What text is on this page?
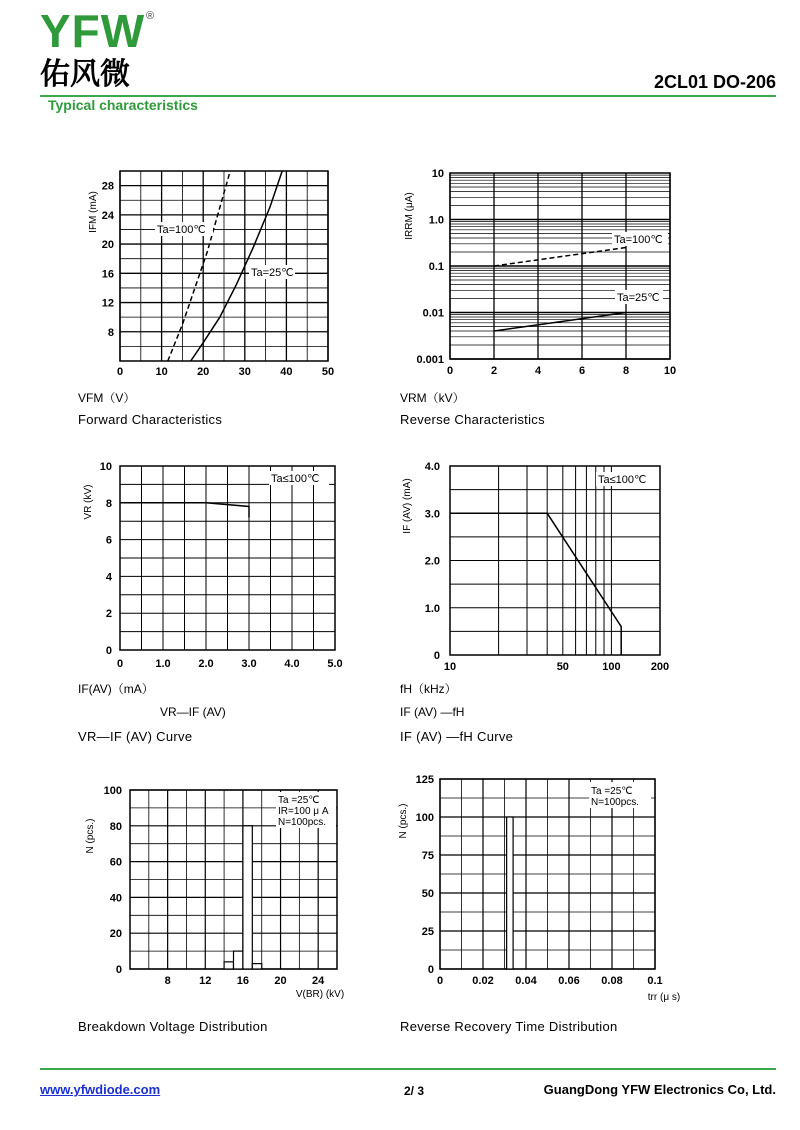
YFW ®
佑风微	2CL01 DO-206
Typical characteristics
0	10	20	30	40	50
8
12
16
20
24
28
IFM (mA)	Ta=100℃
Ta=25℃
0	2	4	6	8	10
0.001
0.01
0.1
1.0
10
IRRM (μA)
Ta=100℃
Ta=25℃
0	1.0	2.0	3.0	4.0	5.0
0
2
4
6
8
10
VR (kV)
Ta≤100℃
10	50	100	200
0
1.0
2.0
3.0
4.0
IF (AV) (mA)	Ta≤100℃
8	12 16 20 24
0
20
40
60
80
100
N (pcs.)
V(BR) (kV)
Ta =25℃
IR=100 μ A
N=100pcs.
0	0.02 0.04 0.06 0.08 0.1
0
25
50
75
100
125
N (pcs.)
trr (μ s)
Ta =25℃
N=100pcs.
VFM（V）
Forward Characteristics
VRM（kV）
Reverse Characteristics
IF(AV)（mA）
VR—IF (AV)
VR—IF (AV) Curve
fH（kHz）
IF (AV) —fH
IF (AV) —fH Curve
Breakdown Voltage Distribution	Reverse Recovery Time Distribution
www.yfwdiode.com	2/ 3	GuangDong YFW Electronics Co, Ltd.
